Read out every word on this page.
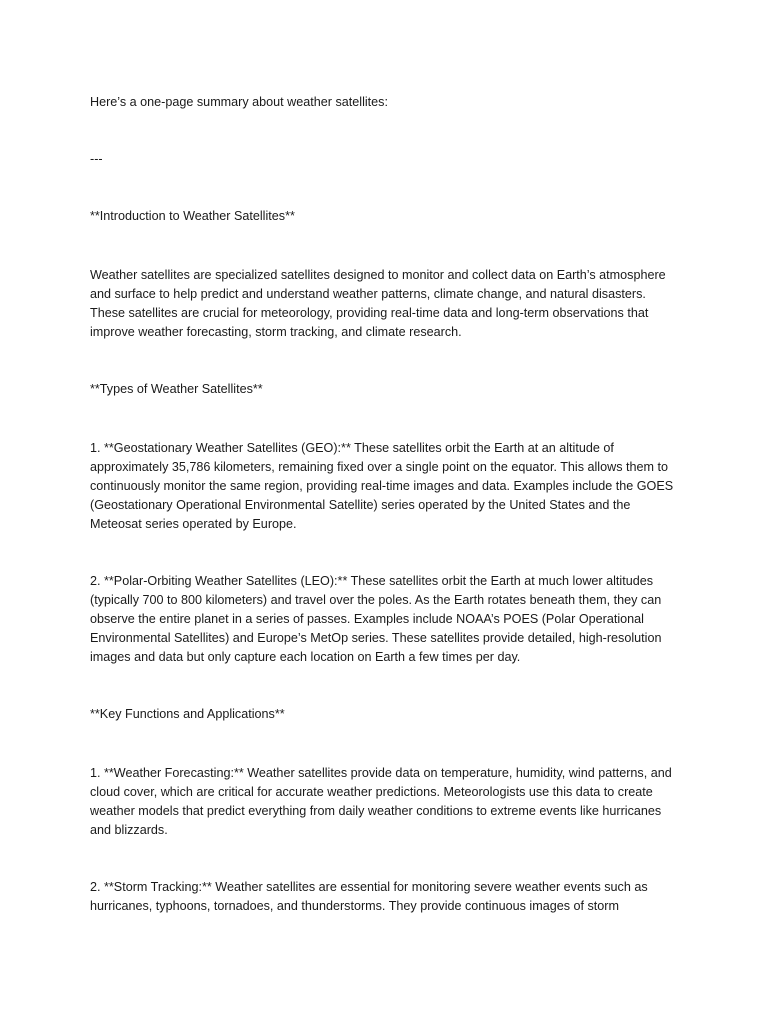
Here’s a one-page summary about weather satellites:

---

**Introduction to Weather Satellites**

Weather satellites are specialized satellites designed to monitor and collect data on Earth’s atmosphere and surface to help predict and understand weather patterns, climate change, and natural disasters. These satellites are crucial for meteorology, providing real-time data and long-term observations that improve weather forecasting, storm tracking, and climate research.

**Types of Weather Satellites**

1. **Geostationary Weather Satellites (GEO):** These satellites orbit the Earth at an altitude of approximately 35,786 kilometers, remaining fixed over a single point on the equator. This allows them to continuously monitor the same region, providing real-time images and data. Examples include the GOES (Geostationary Operational Environmental Satellite) series operated by the United States and the Meteosat series operated by Europe.

2. **Polar-Orbiting Weather Satellites (LEO):** These satellites orbit the Earth at much lower altitudes (typically 700 to 800 kilometers) and travel over the poles. As the Earth rotates beneath them, they can observe the entire planet in a series of passes. Examples include NOAA’s POES (Polar Operational Environmental Satellites) and Europe’s MetOp series. These satellites provide detailed, high-resolution images and data but only capture each location on Earth a few times per day.

**Key Functions and Applications**

1. **Weather Forecasting:** Weather satellites provide data on temperature, humidity, wind patterns, and cloud cover, which are critical for accurate weather predictions. Meteorologists use this data to create weather models that predict everything from daily weather conditions to extreme events like hurricanes and blizzards.

2. **Storm Tracking:** Weather satellites are essential for monitoring severe weather events such as hurricanes, typhoons, tornadoes, and thunderstorms. They provide continuous images of storm
